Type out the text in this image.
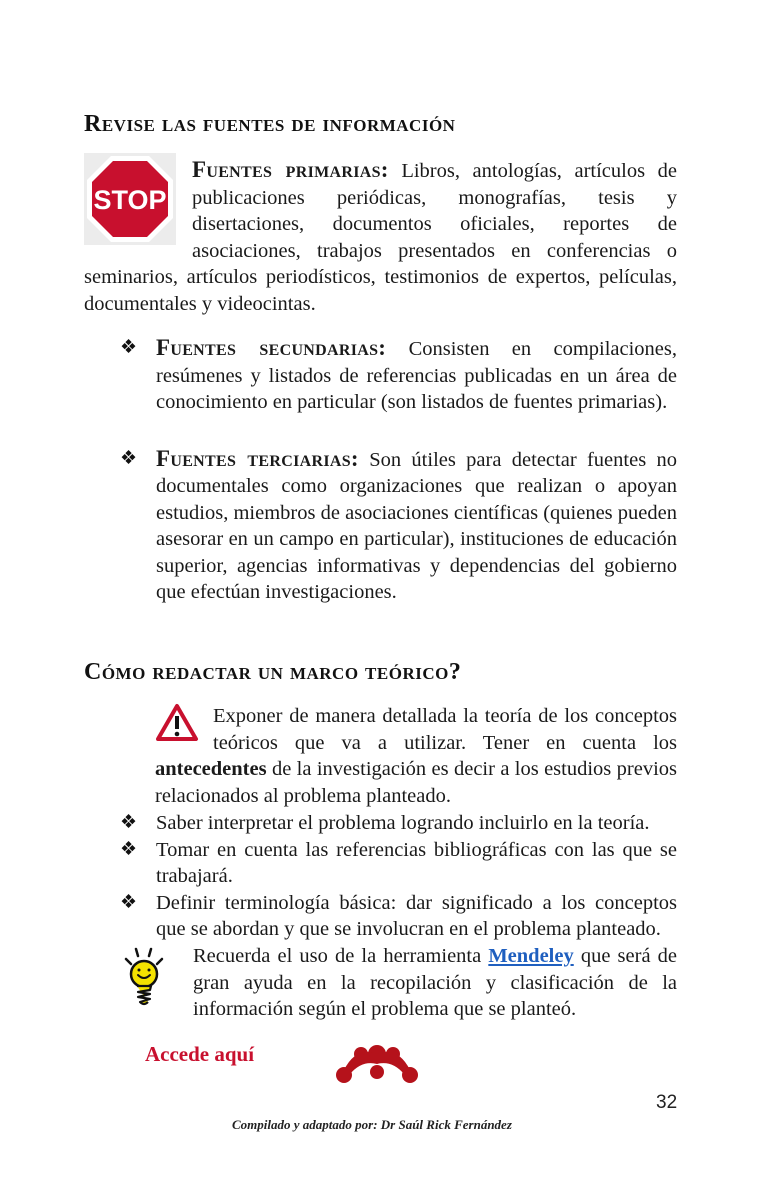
Revise las fuentes de información
STOP
Fuentes primarias: Libros, antologías, artículos de publicaciones periódicas, monografías, tesis y disertaciones, documentos oficiales, reportes de asociaciones, trabajos presentados en conferencias o seminarios, artículos periodísticos, testimonios de expertos, películas, documentales y videocintas.
❖ Fuentes secundarias: Consisten en compilaciones, resúmenes y listados de referencias publicadas en un área de conocimiento en particular (son listados de fuentes primarias).
❖ Fuentes terciarias: Son útiles para detectar fuentes no documentales como organizaciones que realizan o apoyan estudios, miembros de asociaciones científicas (quienes pueden asesorar en un campo en particular), instituciones de educación superior, agencias informativas y dependencias del gobierno que efectúan investigaciones.
Cómo redactar un marco teórico?
Exponer de manera detallada la teoría de los conceptos teóricos que va a utilizar. Tener en cuenta los antecedentes de la investigación es decir a los estudios previos relacionados al problema planteado.
❖ Saber interpretar el problema logrando incluirlo en la teoría.
❖ Tomar en cuenta las referencias bibliográficas con las que se trabajará.
❖ Definir terminología básica: dar significado a los conceptos que se abordan y que se involucran en el problema planteado.
Recuerda el uso de la herramienta Mendeley que será de gran ayuda en la recopilación y clasificación de la información según el problema que se planteó.
Accede aquí
32
Compilado y adaptado por: Dr Saúl Rick Fernández
